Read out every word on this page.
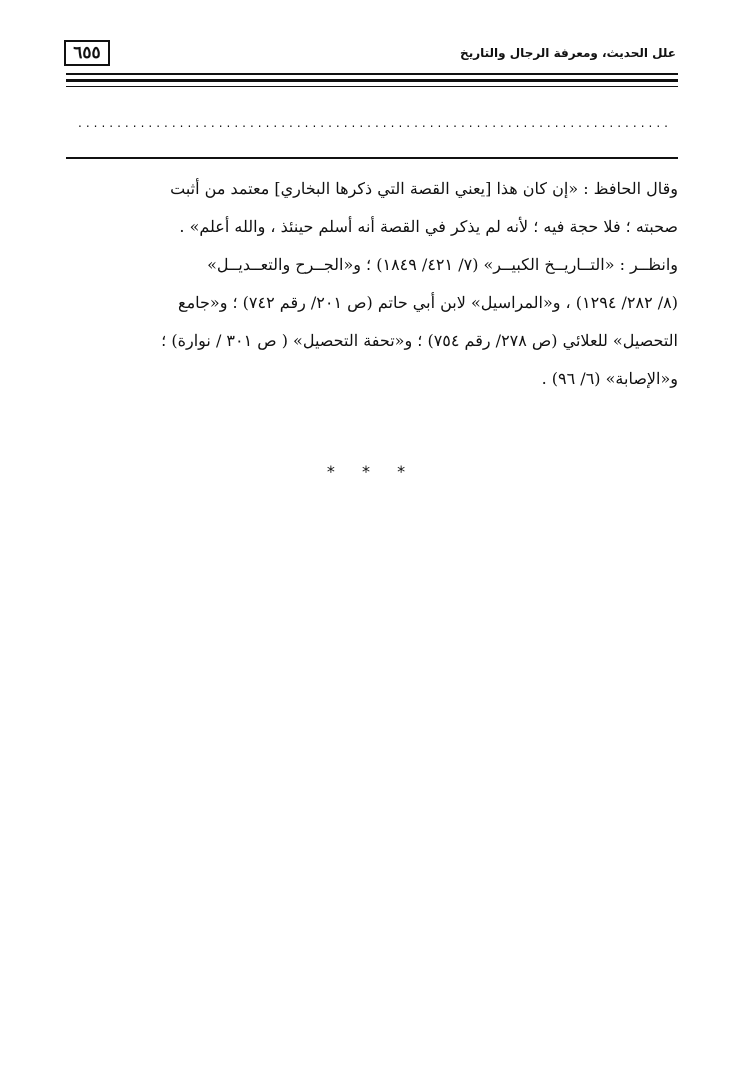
٦٥٥	علل الحديث، ومعرفة الرجال والتاريخ
............................................................................
وقال الحافظ : «إن كان هذا [يعني القصة التي ذكرها البخاري] معتمد من أثبت
صحبته ؛ فلا حجة فيه ؛ لأنه لم يذكر في القصة أنه أسلم حينئذ ، والله أعلم» .
وانظــر : «التــاريــخ الكبيــر» (٧/ ٤٢١/ ١٨٤٩) ؛ و«الجــرح والتعــديــل»
(٨/ ٢٨٢/ ١٢٩٤) ، و«المراسيل» لابن أبي حاتم (ص ٢٠١/ رقم ٧٤٢) ؛ و«جامع
التحصيل» للعلائي (ص ٢٧٨/ رقم ٧٥٤) ؛ و«تحفة التحصيل» ( ص ٣٠١ / نوارة) ؛
و«الإصابة» (٦/ ٩٦) .
* * *
